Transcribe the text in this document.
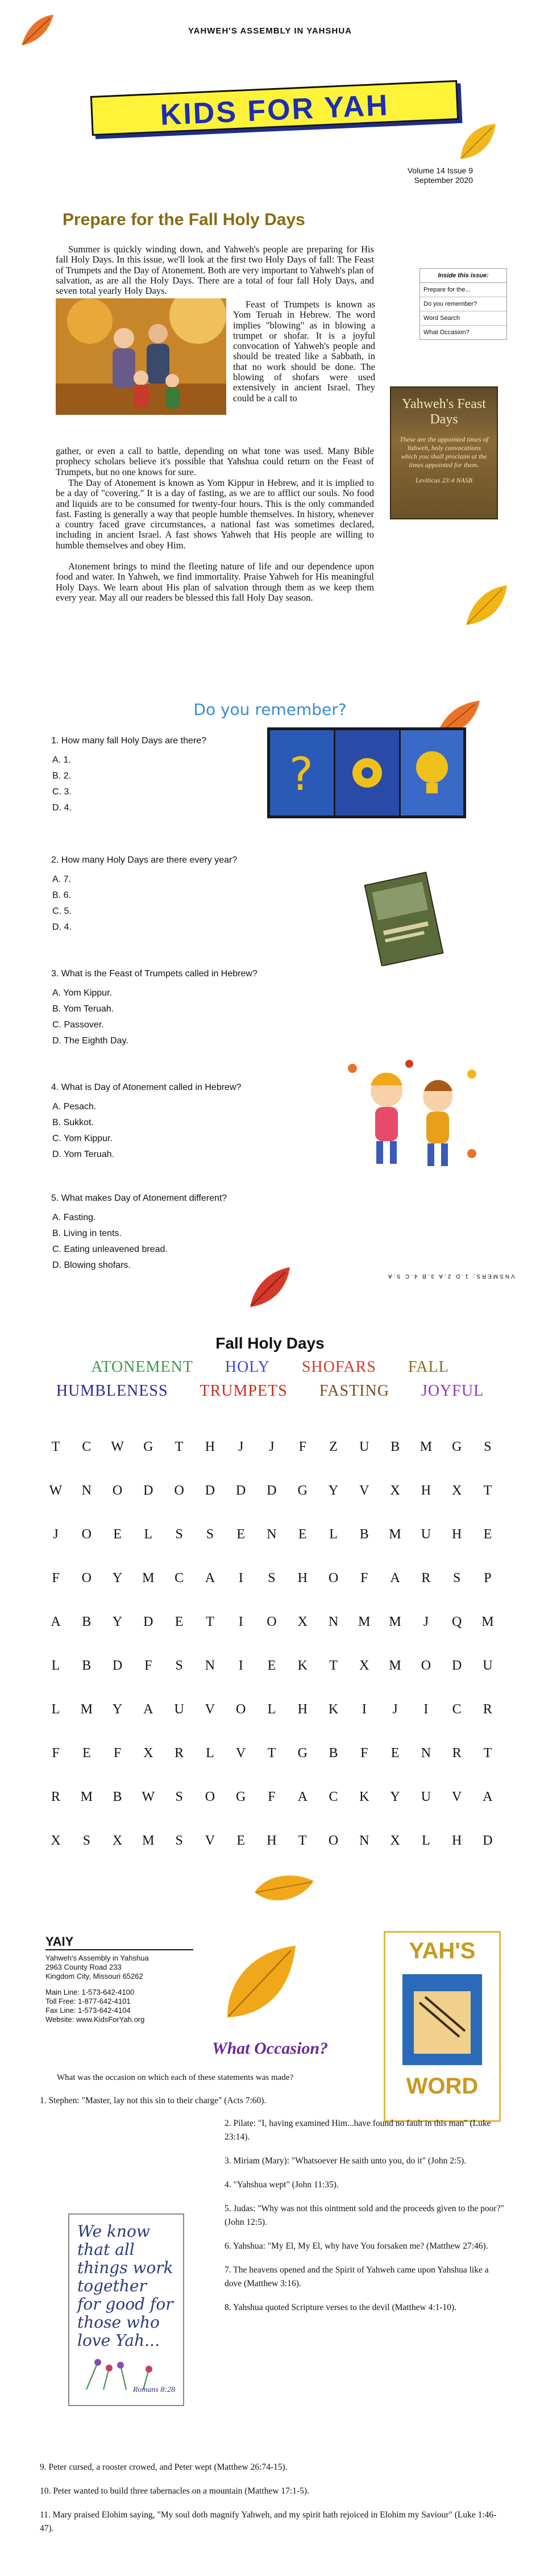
YAHWEH'S ASSEMBLY IN YAHSHUA
KIDS FOR YAH
Volume 14 Issue 9
September 2020
Prepare for the Fall Holy Days

Summer is quickly winding down, and Yahweh's people are preparing for His fall Holy Days. In this issue, we'll look at the first two Holy Days of fall: The Feast of Trumpets and the Day of Atonement. Both are very important to Yahweh's plan of salvation, as are all the Holy Days. There are a total of four fall Holy Days, and seven total yearly Holy Days.

Feast of Trumpets is known as Yom Teruah in Hebrew. The word implies "blowing" as in blowing a trumpet or shofar. It is a joyful convocation of Yahweh's people and should be treated like a Sabbath, in that no work should be done. The blowing of shofars were used extensively in ancient Israel. They could be a call to

gather, or even a call to battle, depending on what tone was used. Many Bible prophecy scholars believe it's possible that Yahshua could return on the Feast of Trumpets, but no one knows for sure.

The Day of Atonement is known as Yom Kippur in Hebrew, and it is implied to be a day of "covering." It is a day of fasting, as we are to afflict our souls. No food and liquids are to be consumed for twenty-four hours. This is the only commanded fast. Fasting is generally a way that people humble themselves. In history, whenever a country faced grave circumstances, a national fast was sometimes declared, including in ancient Israel. A fast shows Yahweh that His people are willing to humble themselves and obey Him.

Atonement brings to mind the fleeting nature of life and our dependence upon food and water. In Yahweh, we find immortality. Praise Yahweh for His meaningful Holy Days. We learn about His plan of salvation through them as we keep them every year. May all our readers be blessed this fall Holy Day season.

Inside this issue:
Prepare for the...
Do you remember?
Word Search
What Occasion?
Yahweh's Feast Days
These are the appointed times of Yahweh, holy convocations which you shall proclaim at the times appointed for them.
Leviticus 23:4 NASB
Do you remember?
1. How many fall Holy Days are there?
A. 1.
B. 2.
C. 3.
D. 4.
?
2. How many Holy Days are there every year?
A. 7.
B. 6.
C. 5.
D. 4.
3. What is the Feast of Trumpets called in Hebrew?
A. Yom Kippur.
B. Yom Teruah.
C. Passover.
D. The Eighth Day.
4. What is Day of Atonement called in Hebrew?
A. Pesach.
B. Sukkot.
C. Yom Kippur.
D. Yom Teruah.
5. What makes Day of Atonement different?
A. Fasting.
B. Living in tents.
C. Eating unleavened bread.
D. Blowing shofars.
VNSMERS: 1.D 2.A 3.B 4.C 5.A
Fall Holy Days
ATONEMENT HOLY SHOFARS FALL
HUMBLENESS TRUMPETS FASTING JOYFUL
T	C	W	G	T	H	J	J	F	Z	U	B	M	G	S
W	N	O	D	O	D	D	D	G	Y	V	X	H	X	T
J	O	E	L	S	S	E	N	E	L	B	M	U	H	E
F	O	Y	M	C	A	I	S	H	O	F	A	R	S	P
A	B	Y	D	E	T	I	O	X	N	M	M	J	Q	M
L	B	D	F	S	N	I	E	K	T	X	M	O	D	U
L	M	Y	A	U	V	O	L	H	K	I	J	I	C	R
F	E	F	X	R	L	V	T	G	B	F	E	N	R	T
R	M	B	W	S	O	G	F	A	C	K	Y	U	V	A
X	S	X	M	S	V	E	H	T	O	N	X	L	H	D
YAIY
Yahweh's Assembly in Yahshua
2963 County Road 233
Kingdom City, Missouri 65262
Main Line: 1-573-642-4100
Toll Free: 1-877-642-4101
Fax Line: 1-573-642-4104
Website: www.KidsForYah.org
YAH'S
WORD
What Occasion?
What was the occasion on which each of these statements was made?
1. Stephen: "Master, lay not this sin to their charge" (Acts 7:60).
We know that all things work together for good for those who love Yah...
Romans 8:28
2. Pilate: "I, having examined Him...have found no fault in this man" (Luke 23:14).
3. Miriam (Mary): "Whatsoever He saith unto you, do it" (John 2:5).
4. "Yahshua wept" (John 11:35).
5. Judas: "Why was not this ointment sold and the proceeds given to the poor?" (John 12:5).
6. Yahshua: "My El, My El, why have You forsaken me? (Matthew 27:46).
7. The heavens opened and the Spirit of Yahweh came upon Yahshua like a dove (Matthew 3:16).
8. Yahshua quoted Scripture verses to the devil (Matthew 4:1-10).
9. Peter cursed, a rooster crowed, and Peter wept (Matthew 26:74-15).
10. Peter wanted to build three tabernacles on a mountain (Matthew 17:1-5).
11. Mary praised Elohim saying, "My soul doth magnify Yahweh, and my spirit hath rejoiced in Elohim my Saviour" (Luke 1:46-47).
